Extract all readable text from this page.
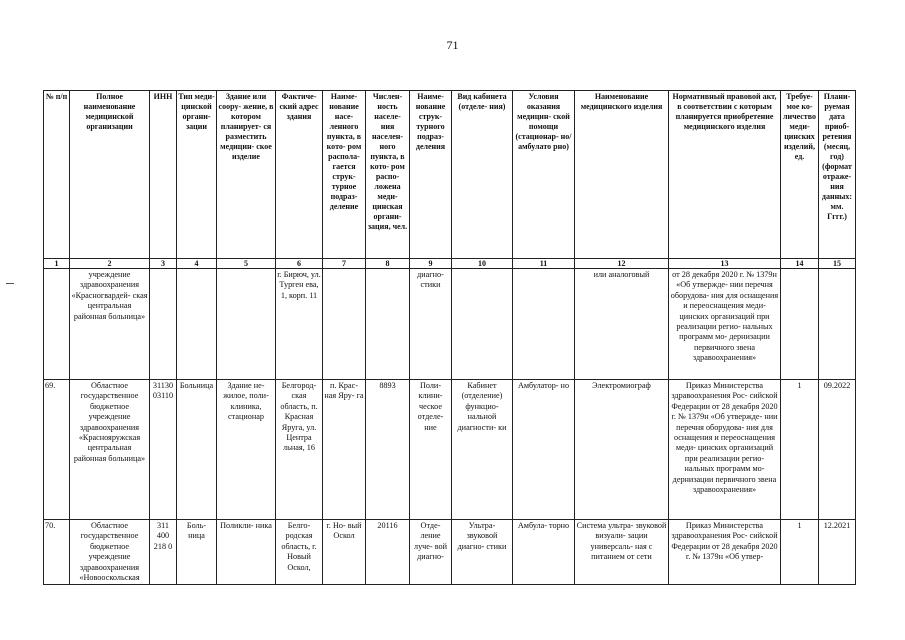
71
№ п/п	Полное наименование медицинской организации	ИНН	Тип меди- цинской органи- зации	Здание или соору- жение, в котором планирует- ся разместить медицин- ское изделие	Фактиче- ский адрес здания	Наиме- нование насе- ленного пункта, в кото- ром распола- гается струк- турное подраз- деление	Числен- ность населе- ния населен- ного пункта, в кото- ром распо- ложена меди- цинская органи- зация, чел.	Наиме- нование струк- турного подраз- деления	Вид кабинета (отделе- ния)	Условия оказания медицин- ской помощи (стационар- но/амбулато рно)	Наименование медицинского изделия	Нормативный правовой акт, в соответствии с которым планируется приобретение медицинского изделия	Требуе- мое ко- личество меди- цинских изделий, ед.	Плани- руемая дата приоб- ретения (месяц, год) (формат отраже- ния данных: мм. Гггг.)
1	2	3	4	5	6	7	8	9	10	11	12	13	14	15
	учреждение здравоохранения «Красногвардей- ская центральная районная больница»				г. Бирюч, ул. Турген ева, 1, корп. 11			диагно- стики			или аналоговый	от 28 декабря 2020 г. № 1379н «Об утвержде- нии перечня оборудова- ния для оснащения и переоснащения меди- цинских организаций при реализации регио- нальных программ мо- дернизации первичного звена здравоохранения»		
69.	Областное государственное бюджетное учреждение здравоохранения «Краснояружская центральная районная больница»	31130 03110	Больница	Здание не- жилое, поли- клиника, стационар	Белгород- ская область, п. Красная Яруга, ул. Центра льная, 16	п. Крас- ная Яру- га	8893	Поли- клини- ческое отделе- ние	Кабинет (отделение) функцио- нальной диагности- ки	Амбулатор- но	Электромиограф	Приказ Министерства здравоохранения Рос- сийской Федерации от 28 декабря 2020 г. № 1379н «Об утвержде- нии перечня оборудова- ния для оснащения и переоснащения меди- цинских организаций при реализации регио- нальных программ мо- дернизации первичного звена здравоохранения»	1	09.2022
70.	Областное государственное бюджетное учреждение здравоохранения «Новооскольская	311 400 218 0	Боль- ница	Поликли- ника	Белго- родская область, г. Новый Оскол,	г. Но- вый Оскол	20116	Отде- ление луче- вой диагно-	Ультра- звуковой диагно- стики	Амбула- торно	Система ультра- звуковой визуали- зации универсаль- ная с питанием от сети	Приказ Министерства здравоохранения Рос- сийской Федерации от 28 декабря 2020 г. № 1379н «Об утвер-	1	12.2021
